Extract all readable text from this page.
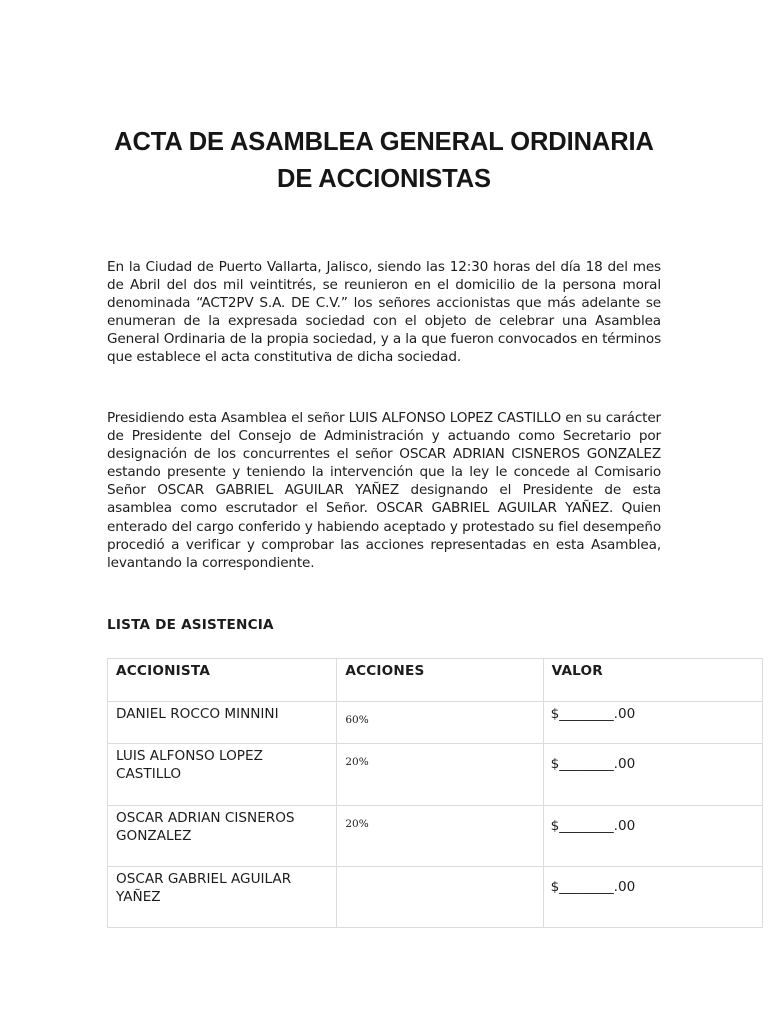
ACTA DE ASAMBLEA GENERAL ORDINARIA
DE ACCIONISTAS

En la Ciudad de Puerto Vallarta, Jalisco, siendo las 12:30 horas del día 18 del mes de Abril del dos mil veintitrés, se reunieron en el domicilio de la persona moral denominada “ACT2PV S.A. DE C.V.” los señores accionistas que más adelante se enumeran de la expresada sociedad con el objeto de celebrar una Asamblea General Ordinaria de la propia sociedad, y a la que fueron convocados en términos que establece el acta constitutiva de dicha sociedad.

Presidiendo esta Asamblea el señor LUIS ALFONSO LOPEZ CASTILLO en su carácter de Presidente del Consejo de Administración y actuando como Secretario por designación de los concurrentes el señor OSCAR ADRIAN CISNEROS GONZALEZ estando presente y teniendo la intervención que la ley le concede al Comisario Señor OSCAR GABRIEL AGUILAR YAÑEZ designando el Presidente de esta asamblea como escrutador el Señor. OSCAR GABRIEL AGUILAR YAÑEZ. Quien enterado del cargo conferido y habiendo aceptado y protestado su fiel desempeño procedió a verificar y comprobar las acciones representadas en esta Asamblea, levantando la correspondiente.

LISTA DE ASISTENCIA
ACCIONISTA	ACCIONES	VALOR

DANIEL ROCCO MINNINI	60%	$________.00

LUIS ALFONSO LOPEZ CASTILLO	20%	$________.00

OSCAR ADRIAN CISNEROS GONZALEZ	20%	$________.00

OSCAR GABRIEL AGUILAR YAÑEZ		$________.00
